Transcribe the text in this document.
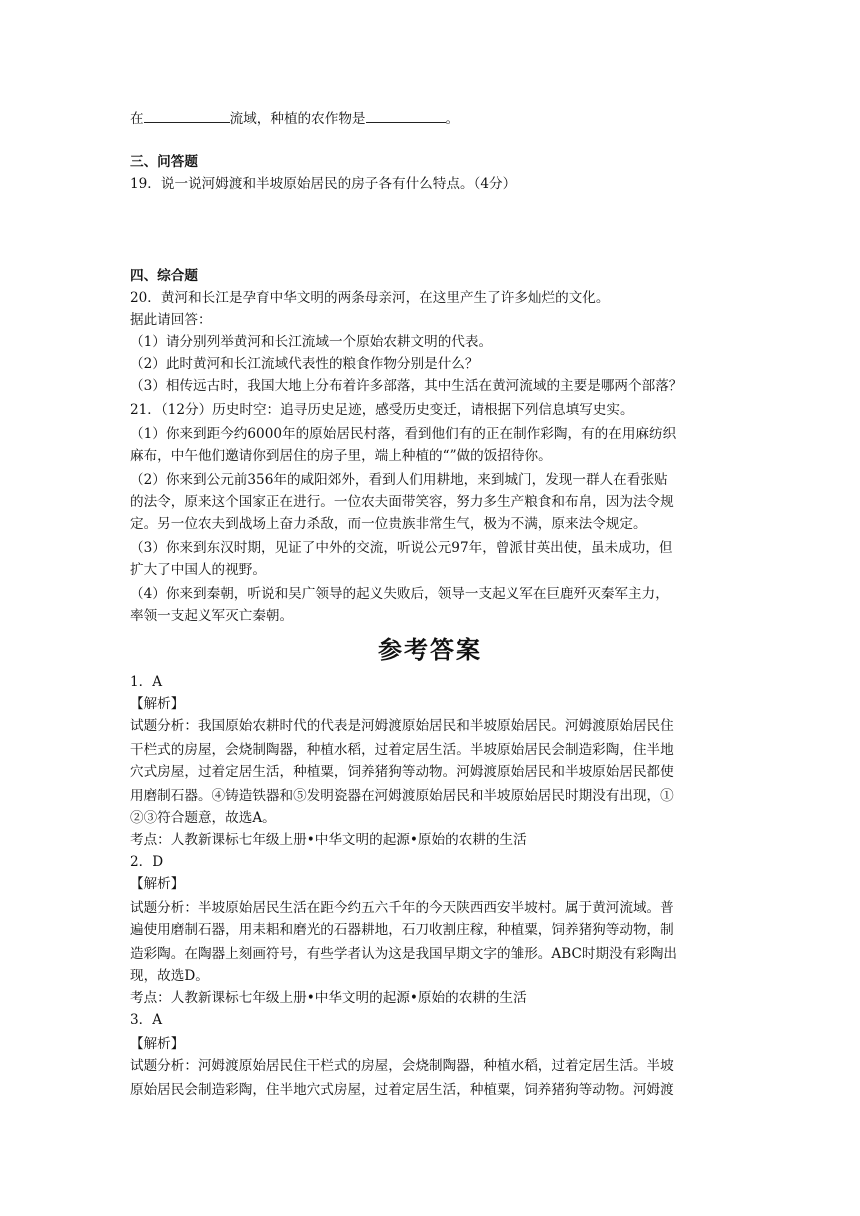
在	流域，种植的农作物是	。
三、问答题
19．说一说河姆渡和半坡原始居民的房子各有什么特点。（4分）
四、综合题
20．黄河和长江是孕育中华文明的两条母亲河，在这里产生了许多灿烂的文化。
据此请回答：
（1）请分别列举黄河和长江流域一个原始农耕文明的代表。
（2）此时黄河和长江流域代表性的粮食作物分别是什么？
（3）相传远古时，我国大地上分布着许多部落，其中生活在黄河流域的主要是哪两个部落？
21．（12分）历史时空：追寻历史足迹，感受历史变迁，请根据下列信息填写史实。
（1）你来到距今约6000年的原始居民村落，看到他们有的正在制作彩陶，有的在用麻纺织
麻布，中午他们邀请你到居住的房子里，端上种植的“”做的饭招待你。
（2）你来到公元前356年的咸阳郊外，看到人们用耕地，来到城门，发现一群人在看张贴
的法令，原来这个国家正在进行。一位农夫面带笑容，努力多生产粮食和布帛，因为法令规
定。另一位农夫到战场上奋力杀敌，而一位贵族非常生气，极为不满，原来法令规定。
（3）你来到东汉时期，见证了中外的交流，听说公元97年，曾派甘英出使，虽未成功，但
扩大了中国人的视野。
（4）你来到秦朝，听说和吴广领导的起义失败后，领导一支起义军在巨鹿歼灭秦军主力，
率领一支起义军灭亡秦朝。
参考答案
1．A
【解析】
试题分析：我国原始农耕时代的代表是河姆渡原始居民和半坡原始居民。河姆渡原始居民住
干栏式的房屋，会烧制陶器，种植水稻，过着定居生活。半坡原始居民会制造彩陶，住半地
穴式房屋，过着定居生活，种植粟，饲养猪狗等动物。河姆渡原始居民和半坡原始居民都使
用磨制石器。④铸造铁器和⑤发明瓷器在河姆渡原始居民和半坡原始居民时期没有出现，①
②③符合题意，故选A。
考点：人教新课标七年级上册•中华文明的起源•原始的农耕的生活
2．D
【解析】
试题分析：半坡原始居民生活在距今约五六千年的今天陕西西安半坡村。属于黄河流域。普
遍使用磨制石器，用耒耜和磨光的石器耕地，石刀收割庄稼，种植粟，饲养猪狗等动物，制
造彩陶。在陶器上刻画符号，有些学者认为这是我国早期文字的雏形。ABC时期没有彩陶出
现，故选D。
考点：人教新课标七年级上册•中华文明的起源•原始的农耕的生活
3．A
【解析】
试题分析：河姆渡原始居民住干栏式的房屋，会烧制陶器，种植水稻，过着定居生活。半坡
原始居民会制造彩陶，住半地穴式房屋，过着定居生活，种植粟，饲养猪狗等动物。河姆渡
